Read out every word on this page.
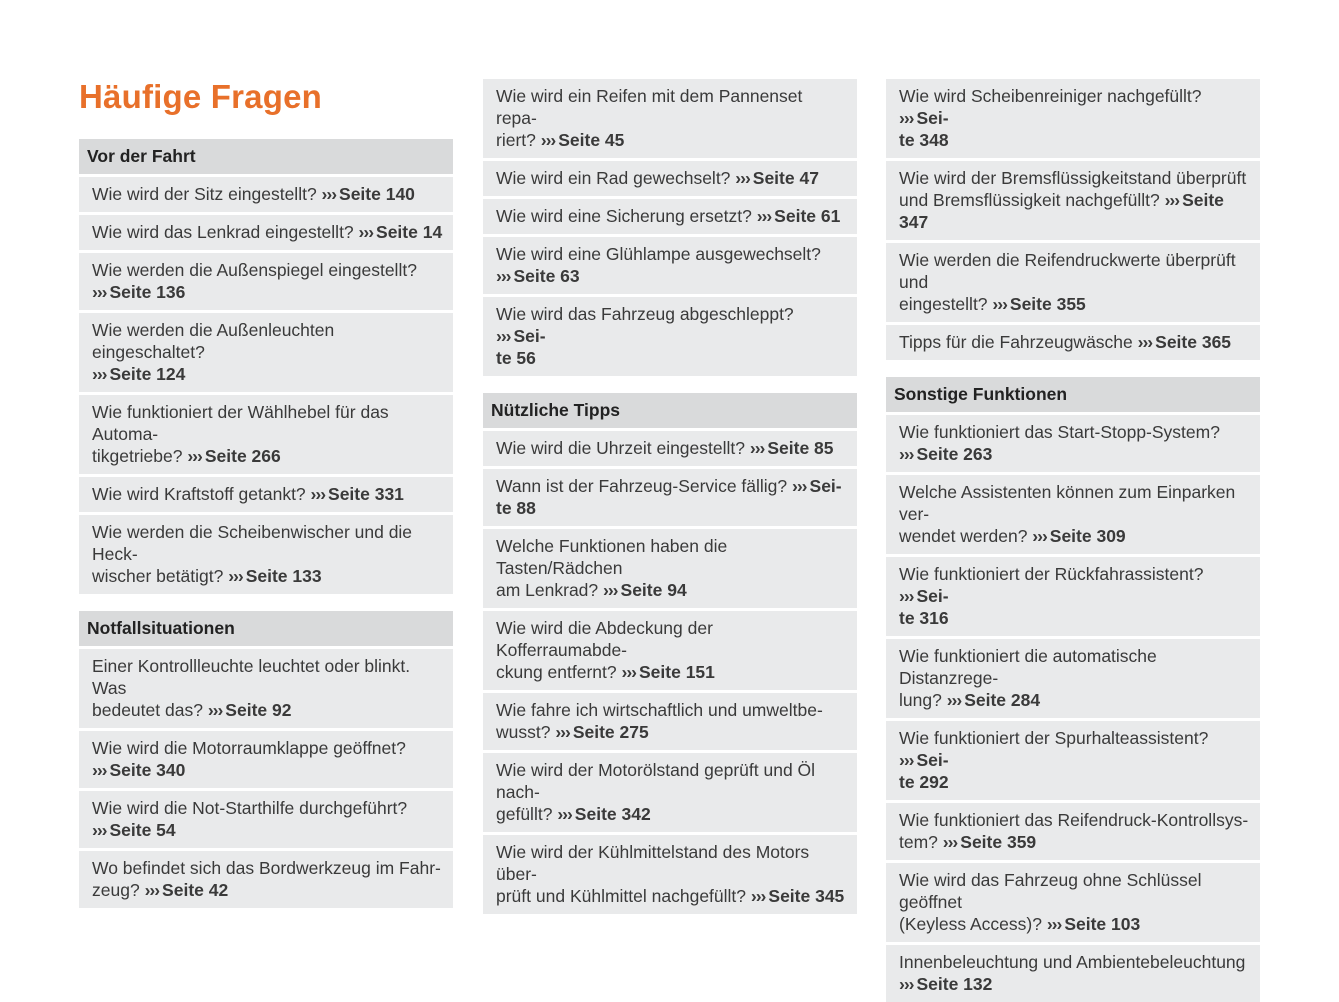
Häufige Fragen
Vor der Fahrt
Wie wird der Sitz eingestellt? ››› Seite 140
Wie wird das Lenkrad eingestellt? ››› Seite 14
Wie werden die Außenspiegel eingestellt?
››› Seite 136
Wie werden die Außenleuchten eingeschaltet?
››› Seite 124
Wie funktioniert der Wählhebel für das Automa-
tikgetriebe? ››› Seite 266
Wie wird Kraftstoff getankt? ››› Seite 331
Wie werden die Scheibenwischer und die Heck-
wischer betätigt? ››› Seite 133
Notfallsituationen
Einer Kontrollleuchte leuchtet oder blinkt. Was
bedeutet das? ››› Seite 92
Wie wird die Motorraumklappe geöffnet?
››› Seite 340
Wie wird die Not-Starthilfe durchgeführt?
››› Seite 54
Wo befindet sich das Bordwerkzeug im Fahr-
zeug? ››› Seite 42
Wie wird ein Reifen mit dem Pannenset repa-
riert? ››› Seite 45
Wie wird ein Rad gewechselt? ››› Seite 47
Wie wird eine Sicherung ersetzt? ››› Seite 61
Wie wird eine Glühlampe ausgewechselt?
››› Seite 63
Wie wird das Fahrzeug abgeschleppt? ››› Sei-
te 56
Nützliche Tipps
Wie wird die Uhrzeit eingestellt? ››› Seite 85
Wann ist der Fahrzeug-Service fällig? ››› Sei-
te 88
Welche Funktionen haben die Tasten/Rädchen
am Lenkrad? ››› Seite 94
Wie wird die Abdeckung der Kofferraumabde-
ckung entfernt? ››› Seite 151
Wie fahre ich wirtschaftlich und umweltbe-
wusst? ››› Seite 275
Wie wird der Motorölstand geprüft und Öl nach-
gefüllt? ››› Seite 342
Wie wird der Kühlmittelstand des Motors über-
prüft und Kühlmittel nachgefüllt? ››› Seite 345
Wie wird Scheibenreiniger nachgefüllt? ››› Sei-
te 348
Wie wird der Bremsflüssigkeitstand überprüft
und Bremsflüssigkeit nachgefüllt? ››› Seite 347
Wie werden die Reifendruckwerte überprüft und
eingestellt? ››› Seite 355
Tipps für die Fahrzeugwäsche ››› Seite 365
Sonstige Funktionen
Wie funktioniert das Start-Stopp-System?
››› Seite 263
Welche Assistenten können zum Einparken ver-
wendet werden? ››› Seite 309
Wie funktioniert der Rückfahrassistent? ››› Sei-
te 316
Wie funktioniert die automatische Distanzrege-
lung? ››› Seite 284
Wie funktioniert der Spurhalteassistent? ››› Sei-
te 292
Wie funktioniert das Reifendruck-Kontrollsys-
tem? ››› Seite 359
Wie wird das Fahrzeug ohne Schlüssel geöffnet
(Keyless Access)? ››› Seite 103
Innenbeleuchtung und Ambientebeleuchtung
››› Seite 132
